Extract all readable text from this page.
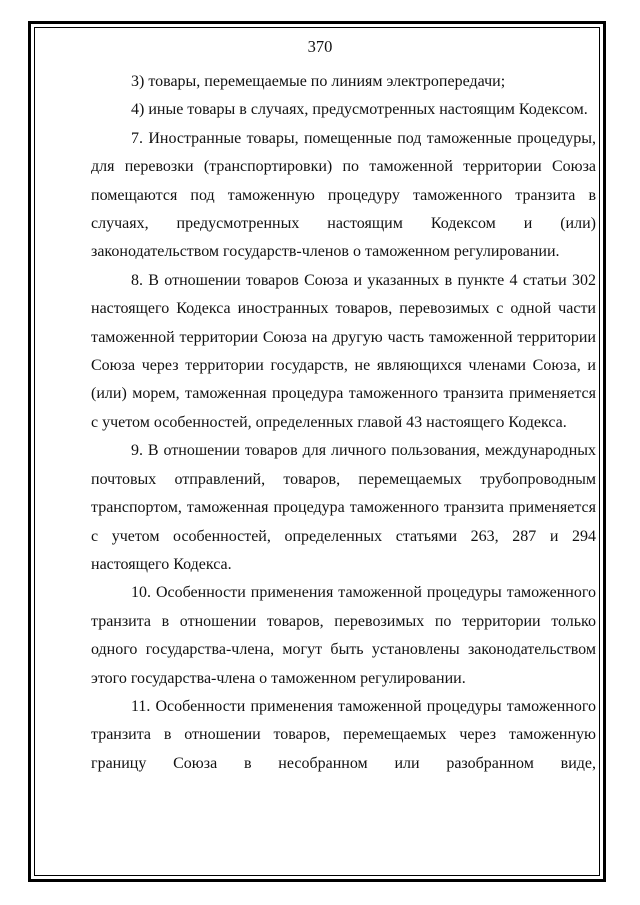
370

3) товары, перемещаемые по линиям электропередачи;

4) иные товары в случаях, предусмотренных настоящим Кодексом.

7. Иностранные товары, помещенные под таможенные процедуры, для перевозки (транспортировки) по таможенной территории Союза помещаются под таможенную процедуру таможенного транзита в случаях, предусмотренных настоящим Кодексом и (или) законодательством государств-членов о таможенном регулировании.

8. В отношении товаров Союза и указанных в пункте 4 статьи 302 настоящего Кодекса иностранных товаров, перевозимых с одной части таможенной территории Союза на другую часть таможенной территории Союза через территории государств, не являющихся членами Союза, и (или) морем, таможенная процедура таможенного транзита применяется с учетом особенностей, определенных главой 43 настоящего Кодекса.

9. В отношении товаров для личного пользования, международных почтовых отправлений, товаров, перемещаемых трубопроводным транспортом, таможенная процедура таможенного транзита применяется с учетом особенностей, определенных статьями 263, 287 и 294 настоящего Кодекса.

10. Особенности применения таможенной процедуры таможенного транзита в отношении товаров, перевозимых по территории только одного государства-члена, могут быть установлены законодательством этого государства-члена о таможенном регулировании.

11. Особенности применения таможенной процедуры таможенного транзита в отношении товаров, перемещаемых через таможенную границу Союза в несобранном или разобранном виде,
